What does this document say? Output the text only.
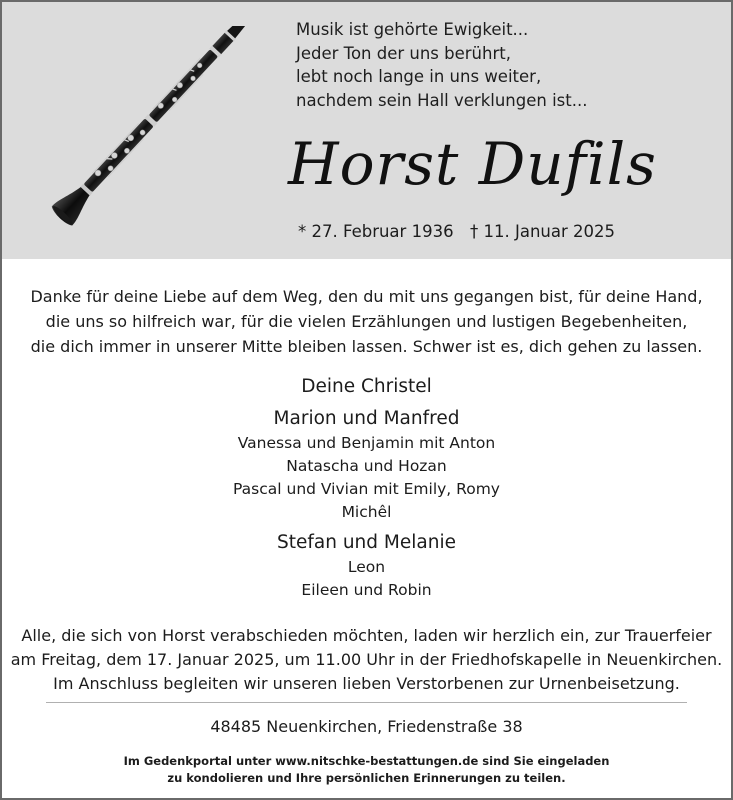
Musik ist gehörte Ewigkeit...
Jeder Ton der uns berührt,
lebt noch lange in uns weiter,
nachdem sein Hall verklungen ist...
Horst Dufils
* 27. Februar 1936 † 11. Januar 2025
Danke für deine Liebe auf dem Weg, den du mit uns gegangen bist, für deine Hand,
die uns so hilfreich war, für die vielen Erzählungen und lustigen Begebenheiten,
die dich immer in unserer Mitte bleiben lassen. Schwer ist es, dich gehen zu lassen.
Deine Christel
Marion und Manfred
Vanessa und Benjamin mit Anton
Natascha und Hozan
Pascal und Vivian mit Emily, Romy
Michêl
Stefan und Melanie
Leon
Eileen und Robin
Alle, die sich von Horst verabschieden möchten, laden wir herzlich ein, zur Trauerfeier
am Freitag, dem 17. Januar 2025, um 11.00 Uhr in der Friedhofskapelle in Neuenkirchen.
Im Anschluss begleiten wir unseren lieben Verstorbenen zur Urnenbeisetzung.
48485 Neuenkirchen, Friedenstraße 38
Im Gedenkportal unter www.nitschke-bestattungen.de sind Sie eingeladen
zu kondolieren und Ihre persönlichen Erinnerungen zu teilen.
